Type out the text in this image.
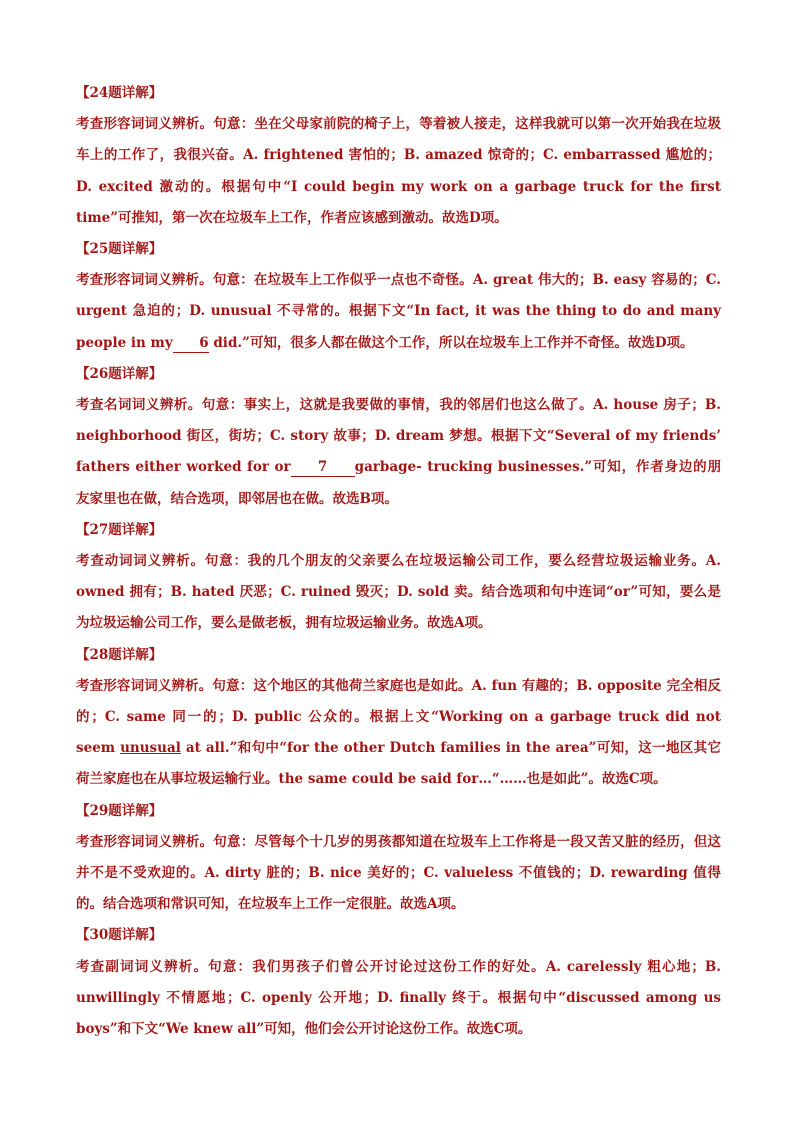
【24题详解】

考查形容词词义辨析。句意：坐在父母家前院的椅子上，等着被人接走，这样我就可以第一次开始我在垃圾车上的工作了，我很兴奋。A. frightened 害怕的；B. amazed 惊奇的；C. embarrassed 尴尬的；D. excited 激动的。根据句中“I could begin my work on a garbage truck for the first time”可推知，第一次在垃圾车上工作，作者应该感到激动。故选D项。

【25题详解】

考查形容词词义辨析。句意：在垃圾车上工作似乎一点也不奇怪。A. great 伟大的；B. easy 容易的；C. urgent 急迫的；D. unusual 不寻常的。根据下文“In fact, it was the thing to do and many people in my 6 did.”可知，很多人都在做这个工作，所以在垃圾车上工作并不奇怪。故选D项。

【26题详解】

考查名词词义辨析。句意：事实上，这就是我要做的事情，我的邻居们也这么做了。A. house 房子；B. neighborhood 街区，街坊；C. story 故事；D. dream 梦想。根据下文“Several of my friends’ fathers either worked for or 7 garbage- trucking businesses.”可知，作者身边的朋友家里也在做，结合选项，即邻居也在做。故选B项。

【27题详解】

考查动词词义辨析。句意：我的几个朋友的父亲要么在垃圾运输公司工作，要么经营垃圾运输业务。A. owned 拥有；B. hated 厌恶；C. ruined 毁灭；D. sold 卖。结合选项和句中连词“or”可知，要么是为垃圾运输公司工作，要么是做老板，拥有垃圾运输业务。故选A项。

【28题详解】

考查形容词词义辨析。句意：这个地区的其他荷兰家庭也是如此。A. fun 有趣的；B. opposite 完全相反的；C. same 同一的；D. public 公众的。根据上文“Working on a garbage truck did not seem unusual at all.”和句中“for the other Dutch families in the area”可知，这一地区其它荷兰家庭也在从事垃圾运输行业。the same could be said for…“……也是如此”。故选C项。

【29题详解】

考查形容词词义辨析。句意：尽管每个十几岁的男孩都知道在垃圾车上工作将是一段又苦又脏的经历，但这并不是不受欢迎的。A. dirty 脏的；B. nice 美好的；C. valueless 不值钱的；D. rewarding 值得的。结合选项和常识可知，在垃圾车上工作一定很脏。故选A项。

【30题详解】

考查副词词义辨析。句意：我们男孩子们曾公开讨论过这份工作的好处。A. carelessly 粗心地；B. unwillingly 不情愿地；C. openly 公开地；D. finally 终于。根据句中“discussed among us boys”和下文“We knew all”可知，他们会公开讨论这份工作。故选C项。
